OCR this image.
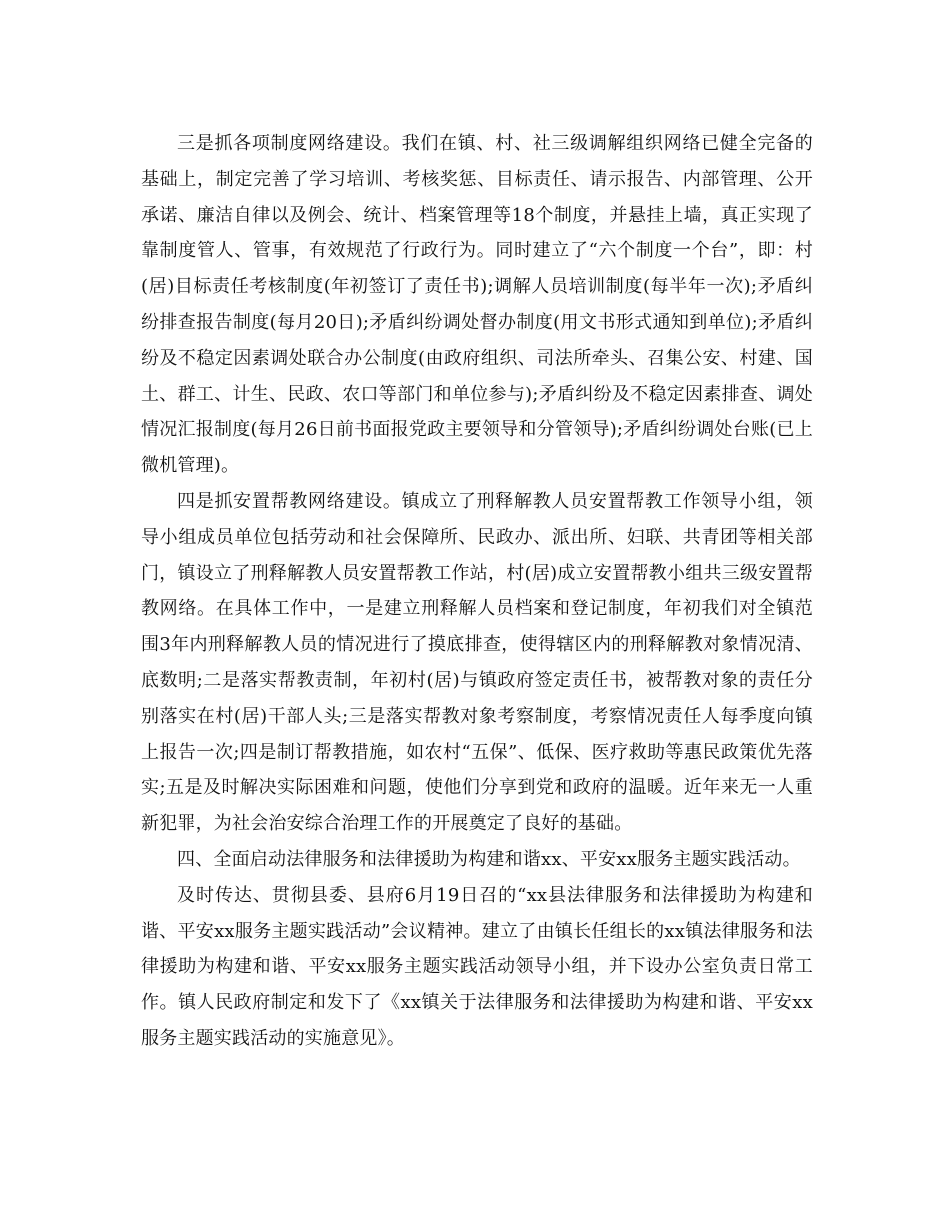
三是抓各项制度网络建设。我们在镇、村、社三级调解组织网络已健全完备的基础上，制定完善了学习培训、考核奖惩、目标责任、请示报告、内部管理、公开承诺、廉洁自律以及例会、统计、档案管理等18个制度，并悬挂上墙，真正实现了靠制度管人、管事，有效规范了行政行为。同时建立了“六个制度一个台”，即：村(居)目标责任考核制度(年初签订了责任书);调解人员培训制度(每半年一次);矛盾纠纷排查报告制度(每月20日);矛盾纠纷调处督办制度(用文书形式通知到单位);矛盾纠纷及不稳定因素调处联合办公制度(由政府组织、司法所牵头、召集公安、村建、国土、群工、计生、民政、农口等部门和单位参与);矛盾纠纷及不稳定因素排查、调处情况汇报制度(每月26日前书面报党政主要领导和分管领导);矛盾纠纷调处台账(已上微机管理)。

四是抓安置帮教网络建设。镇成立了刑释解教人员安置帮教工作领导小组，领导小组成员单位包括劳动和社会保障所、民政办、派出所、妇联、共青团等相关部门，镇设立了刑释解教人员安置帮教工作站，村(居)成立安置帮教小组共三级安置帮教网络。在具体工作中，一是建立刑释解人员档案和登记制度，年初我们对全镇范围3年内刑释解教人员的情况进行了摸底排查，使得辖区内的刑释解教对象情况清、底数明;二是落实帮教责制，年初村(居)与镇政府签定责任书，被帮教对象的责任分别落实在村(居)干部人头;三是落实帮教对象考察制度，考察情况责任人每季度向镇上报告一次;四是制订帮教措施，如农村“五保”、低保、医疗救助等惠民政策优先落实;五是及时解决实际困难和问题，使他们分享到党和政府的温暖。近年来无一人重新犯罪，为社会治安综合治理工作的开展奠定了良好的基础。

四、全面启动法律服务和法律援助为构建和谐xx、平安xx服务主题实践活动。

及时传达、贯彻县委、县府6月19日召的“xx县法律服务和法律援助为构建和谐、平安xx服务主题实践活动”会议精神。建立了由镇长任组长的xx镇法律服务和法律援助为构建和谐、平安xx服务主题实践活动领导小组，并下设办公室负责日常工作。镇人民政府制定和发下了《xx镇关于法律服务和法律援助为构建和谐、平安xx服务主题实践活动的实施意见》。
